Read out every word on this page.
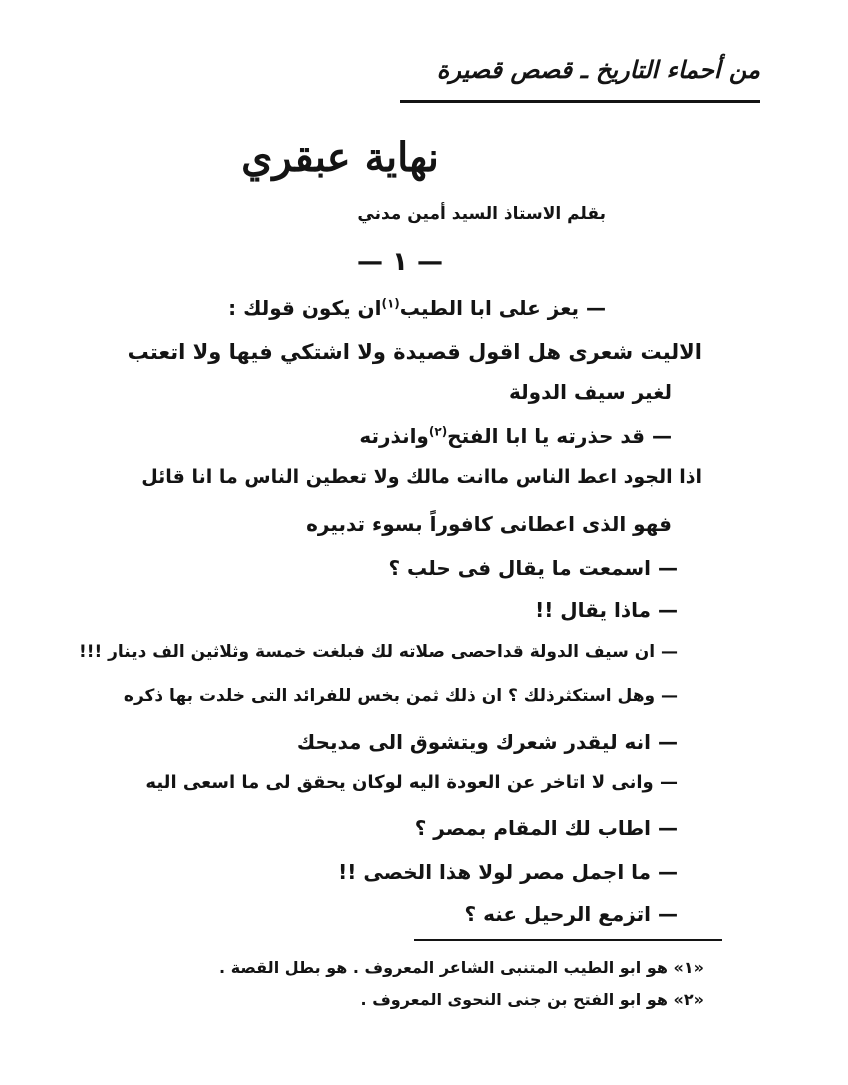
من أحماء التاريخ ـ قصص قصيرة
نهاية عبقري
بقلم الاستاذ السيد أمين مدني
— ١ —
— يعز على ابا الطيب$^{(١)}$ان يكون قولك :
الاليت شعرى هل اقول قصيدة ولا اشتكي فيها ولا اتعتب
لغير سيف الدولة
— قد حذرته يا ابا الفتح$^{(٢)}$وانذرته
اذا الجود اعط الناس ماانت مالك ولا تعطين الناس ما انا قائل
فهو الذى اعطانى كافوراً بسوء تدبيره
— اسمعت ما يقال فى حلب ؟
— ماذا يقال !!
— ان سيف الدولة قداحصى صلاته لك فبلغت خمسة وثلاثين الف دينار !!!
— وهل استكثرذلك ؟ ان ذلك ثمن بخس للفرائد التى خلدت بها ذكره
— انه ليقدر شعرك ويتشوق الى مديحك
— وانى لا اتاخر عن العودة اليه لوكان يحقق لى ما اسعى اليه
— اطاب لك المقام بمصر ؟
— ما اجمل مصر لولا هذا الخصى !!
— اتزمع الرحيل عنه ؟
«١» هو ابو الطيب المتنبى الشاعر المعروف . هو بطل القصة .
«٢» هو ابو الفتح بن جنى النحوى المعروف .
